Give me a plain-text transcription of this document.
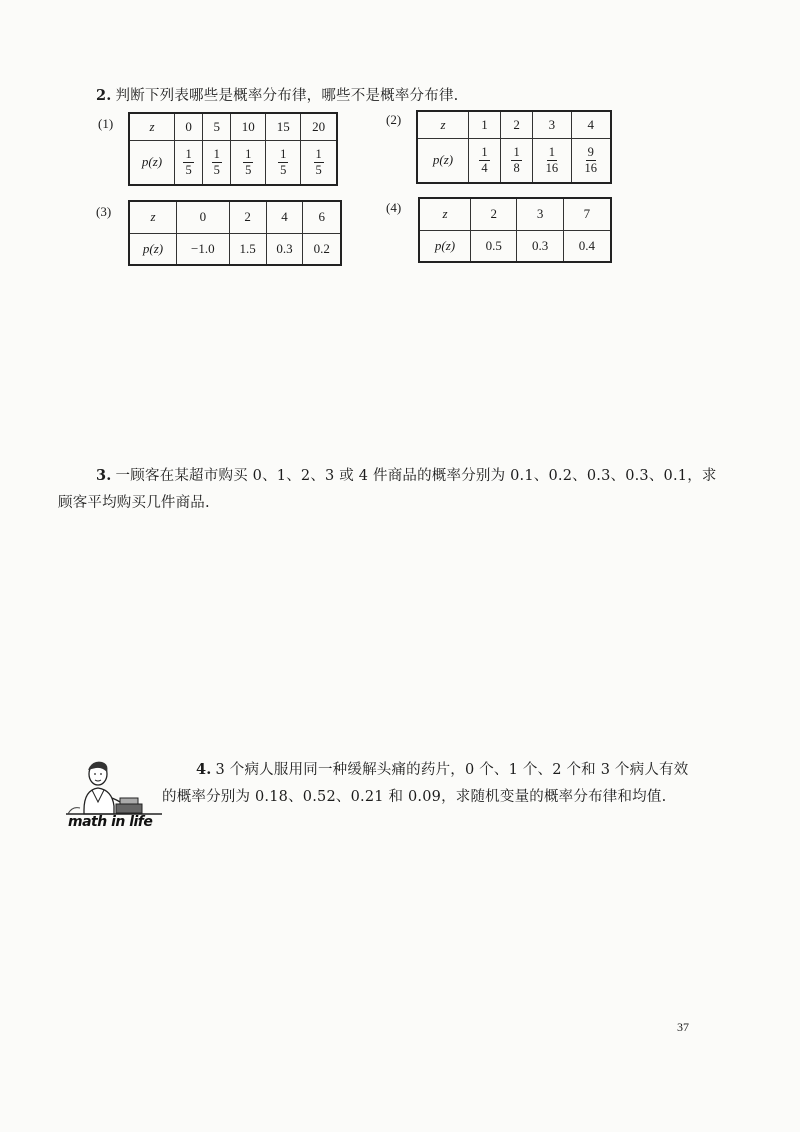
2. 判断下列表哪些是概率分布律，哪些不是概率分布律.
(1)	z	0	5	10	15	20
p(z)	$\frac{1}{5}$	$\frac{1}{5}$	$\frac{1}{5}$	$\frac{1}{5}$	$\frac{1}{5}$
(2)	z	1	2	3	4
p(z)	$\frac{1}{4}$	$\frac{1}{8}$	$\frac{1}{16}$	$\frac{9}{16}$
(3)	z	0	2	4	6
p(z)	−1.0	1.5	0.3	0.2
(4)	z	2	3	7
p(z)	0.5	0.3	0.4
3. 一顾客在某超市购买 0、1、2、3 或 4 件商品的概率分别为 0.1、0.2、0.3、0.3、0.1，求
顾客平均购买几件商品.
math in life
4. 3 个病人服用同一种缓解头痛的药片，0 个、1 个、2 个和 3 个病人有效
的概率分别为 0.18、0.52、0.21 和 0.09，求随机变量的概率分布律和均值.
37
